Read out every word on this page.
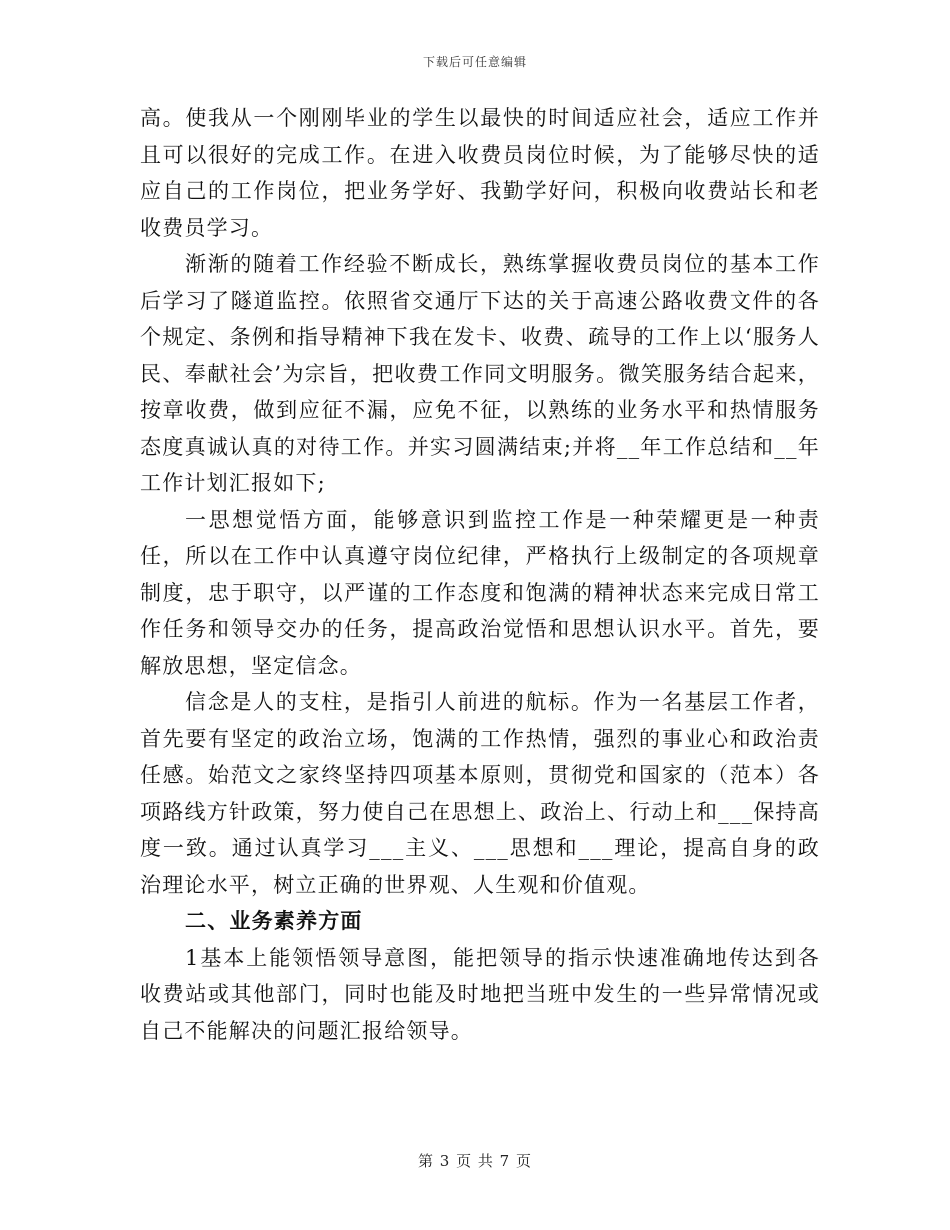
下载后可任意编辑

高。使我从一个刚刚毕业的学生以最快的时间适应社会，适应工作并且可以很好的完成工作。在进入收费员岗位时候，为了能够尽快的适应自己的工作岗位，把业务学好、我勤学好问，积极向收费站长和老收费员学习。

渐渐的随着工作经验不断成长，熟练掌握收费员岗位的基本工作后学习了隧道监控。依照省交通厅下达的关于高速公路收费文件的各个规定、条例和指导精神下我在发卡、收费、疏导的工作上以‘服务人民、奉献社会’为宗旨，把收费工作同文明服务。微笑服务结合起来，按章收费，做到应征不漏，应免不征，以熟练的业务水平和热情服务态度真诚认真的对待工作。并实习圆满结束;并将__年工作总结和__年工作计划汇报如下;

一思想觉悟方面，能够意识到监控工作是一种荣耀更是一种责任，所以在工作中认真遵守岗位纪律，严格执行上级制定的各项规章制度，忠于职守，以严谨的工作态度和饱满的精神状态来完成日常工作任务和领导交办的任务，提高政治觉悟和思想认识水平。首先，要解放思想，坚定信念。

信念是人的支柱，是指引人前进的航标。作为一名基层工作者，首先要有坚定的政治立场，饱满的工作热情，强烈的事业心和政治责任感。始范文之家终坚持四项基本原则，贯彻党和国家的（范本）各项路线方针政策，努力使自己在思想上、政治上、行动上和___保持高度一致。通过认真学习___主义、___思想和___理论，提高自身的政治理论水平，树立正确的世界观、人生观和价值观。

二、业务素养方面

1基本上能领悟领导意图，能把领导的指示快速准确地传达到各收费站或其他部门，同时也能及时地把当班中发生的一些异常情况或自己不能解决的问题汇报给领导。

第 3 页 共 7 页
